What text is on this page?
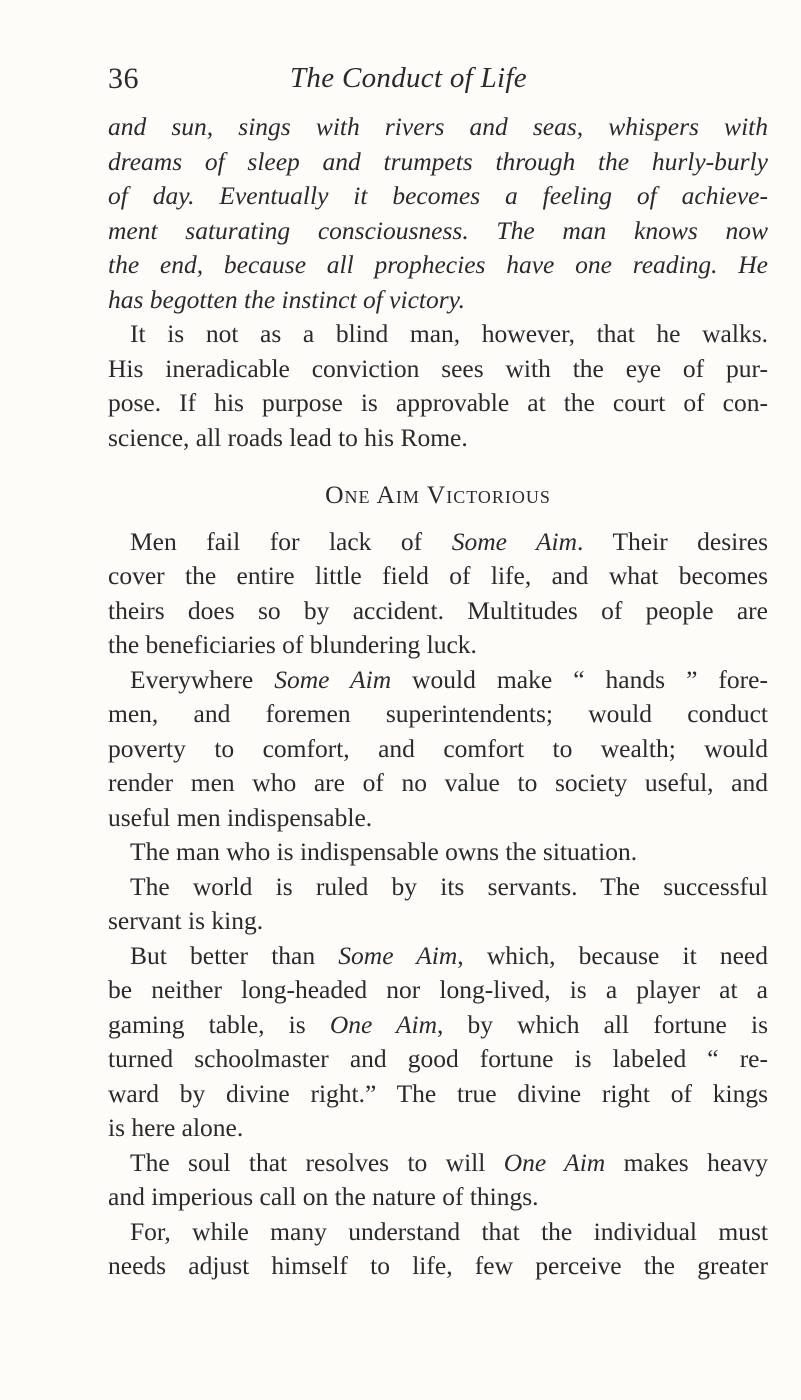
36	The Conduct of Life
and sun, sings with rivers and seas, whispers with
dreams of sleep and trumpets through the hurly-burly
of day. Eventually it becomes a feeling of achieve-
ment saturating consciousness. The man knows now
the end, because all prophecies have one reading. He
has begotten the instinct of victory.
It is not as a blind man, however, that he walks.
His ineradicable conviction sees with the eye of pur-
pose. If his purpose is approvable at the court of con-
science, all roads lead to his Rome.
One Aim Victorious
Men fail for lack of Some Aim. Their desires
cover the entire little field of life, and what becomes
theirs does so by accident. Multitudes of people are
the beneficiaries of blundering luck.
Everywhere Some Aim would make “ hands ” fore-
men, and foremen superintendents; would conduct
poverty to comfort, and comfort to wealth; would
render men who are of no value to society useful, and
useful men indispensable.
The man who is indispensable owns the situation.
The world is ruled by its servants. The successful
servant is king.
But better than Some Aim, which, because it need
be neither long-headed nor long-lived, is a player at a
gaming table, is One Aim, by which all fortune is
turned schoolmaster and good fortune is labeled “ re-
ward by divine right.” The true divine right of kings
is here alone.
The soul that resolves to will One Aim makes heavy
and imperious call on the nature of things.
For, while many understand that the individual must
needs adjust himself to life, few perceive the greater
